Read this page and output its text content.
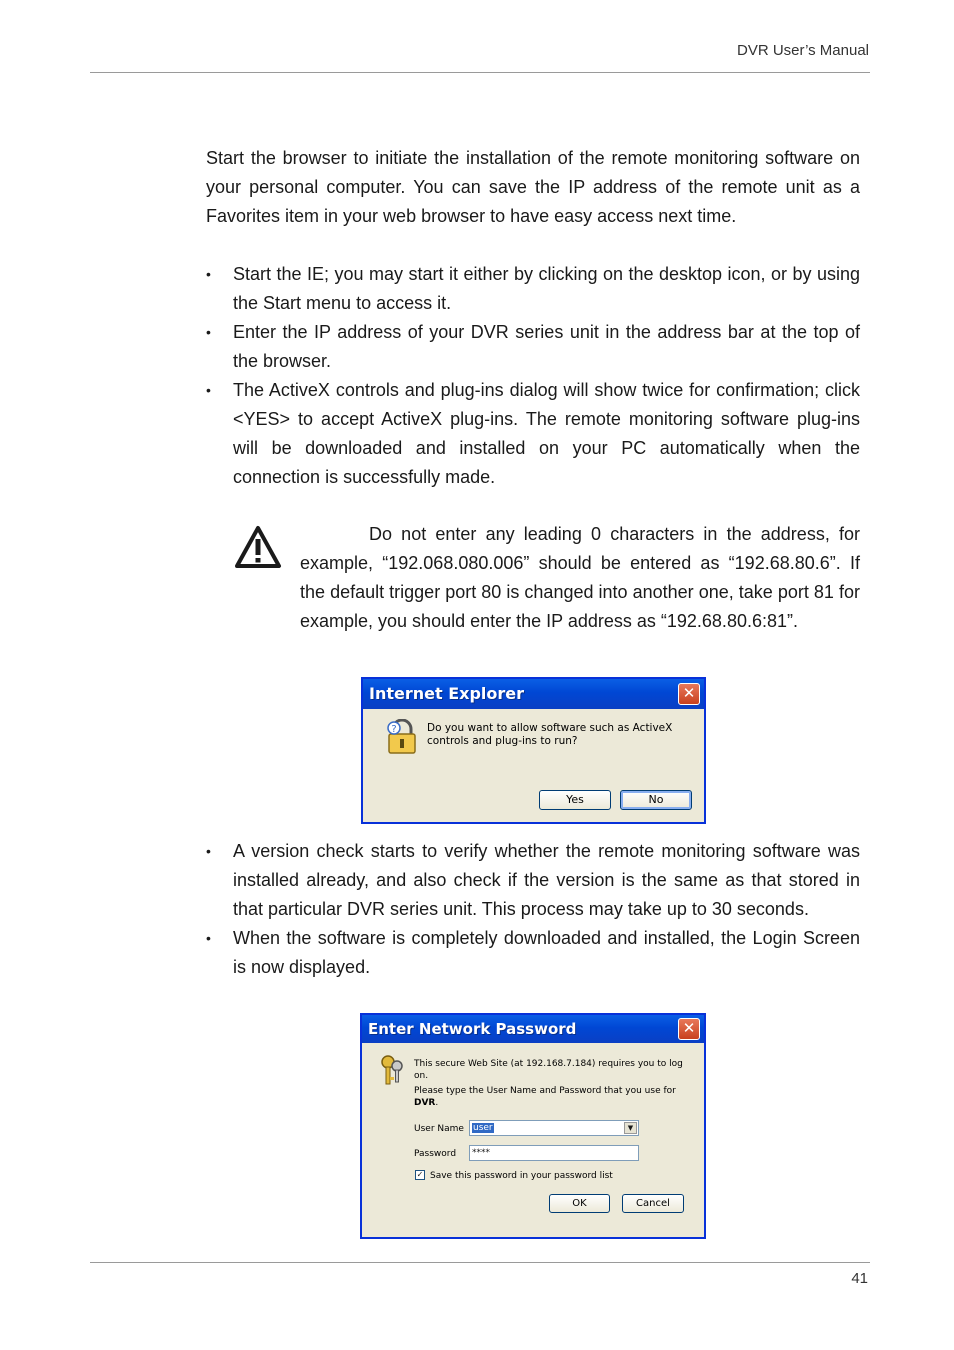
DVR User’s Manual

Start the browser to initiate the installation of the remote monitoring software on your personal computer. You can save the IP address of the remote unit as a Favorites item in your web browser to have easy access next time.

• Start the IE; you may start it either by clicking on the desktop icon, or by using the Start menu to access it.
• Enter the IP address of your DVR series unit in the address bar at the top of the browser.
• The ActiveX controls and plug-ins dialog will show twice for confirmation; click <YES> to accept ActiveX plug-ins. The remote monitoring software plug-ins will be downloaded and installed on your PC automatically when the connection is successfully made.

Do not enter any leading 0 characters in the address, for example, “192.068.080.006” should be entered as “192.68.80.6”. If the default trigger port 80 is changed into another one, take port 81 for example, you should enter the IP address as “192.68.80.6:81”.

Internet Explorer	✕
?	Do you want to allow software such as ActiveX controls and plug-ins to run?
Yes	No
• A version check starts to verify whether the remote monitoring software was installed already, and also check if the version is the same as that stored in that particular DVR series unit. This process may take up to 30 seconds.
• When the software is completely downloaded and installed, the Login Screen is now displayed.
Enter Network Password	✕
This secure Web Site (at 192.168.7.184) requires you to log on.
Please type the User Name and Password that you use for DVR.
User Name	user	▼
Password	****
✓ Save this password in your password list
OK	Cancel
41
